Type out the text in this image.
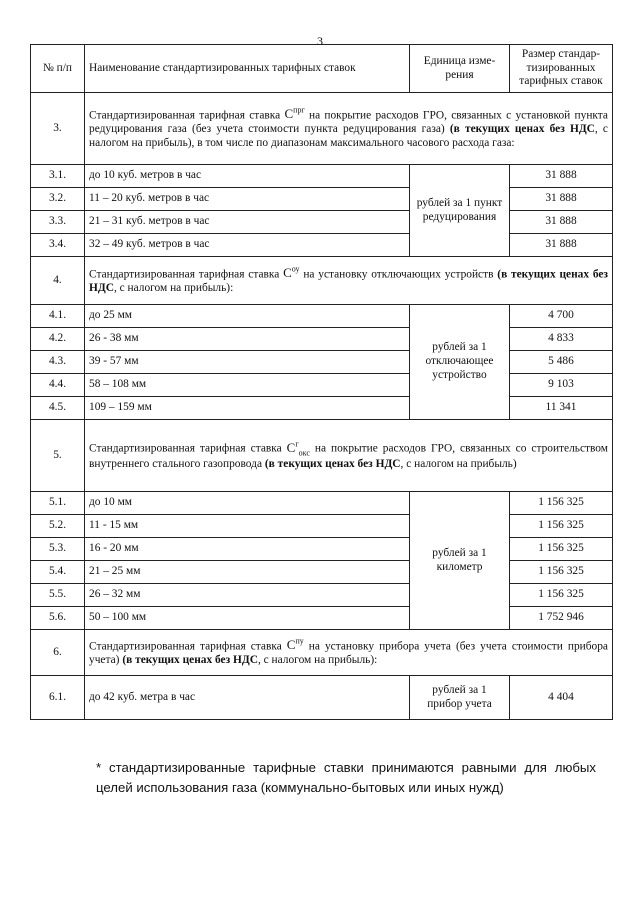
3
№ п/п	Наименование стандартизированных тарифных ставок	Единица изме-рения	Размер стандар-тизированных тарифных ставок
3.	Стандартизированная тарифная ставка $С^{прг}$ на покрытие расходов ГРО, связанных с установкой пункта редуцирования газа (без учета стоимости пункта редуцирования газа) (в текущих ценах без НДС, с налогом на прибыль), в том числе по диапазонам максимального часового расхода газа:		
3.1.	до 10 куб. метров в час	рублей за 1 пункт редуцирования	31 888
3.2.	11 – 20 куб. метров в час		31 888
3.3.	21 – 31 куб. метров в час		31 888
3.4.	32 – 49 куб. метров в час		31 888
4.	Стандартизированная тарифная ставка $С^{оу}$ на установку отключающих устройств (в текущих ценах без НДС, с налогом на прибыль):		
4.1.	до 25 мм	рублей за 1 отключающее устройство	4 700
4.2.	26 - 38 мм		4 833
4.3.	39 - 57 мм		5 486
4.4.	58 – 108 мм		9 103
4.5.	109 – 159 мм		11 341
5.	Стандартизированная тарифная ставка $С^г_{окс}$ на покрытие расходов ГРО, связанных со строительством внутреннего стального газопровода (в текущих ценах без НДС, с налогом на прибыль)		
5.1.	до 10 мм	рублей за 1 километр	1 156 325
5.2.	11 - 15 мм		1 156 325
5.3.	16 - 20 мм		1 156 325
5.4.	21 – 25 мм		1 156 325
5.5.	26 – 32 мм		1 156 325
5.6.	50 – 100 мм		1 752 946
6.	Стандартизированная тарифная ставка $С^{пу}$ на установку прибора учета (без учета стоимости прибора учета) (в текущих ценах без НДС, с налогом на прибыль):		
6.1.	до 42 куб. метра в час	рублей за 1 прибор учета	4 404
* стандартизированные тарифные ставки принимаются равными для любых целей использования газа (коммунально-бытовых или иных нужд)
